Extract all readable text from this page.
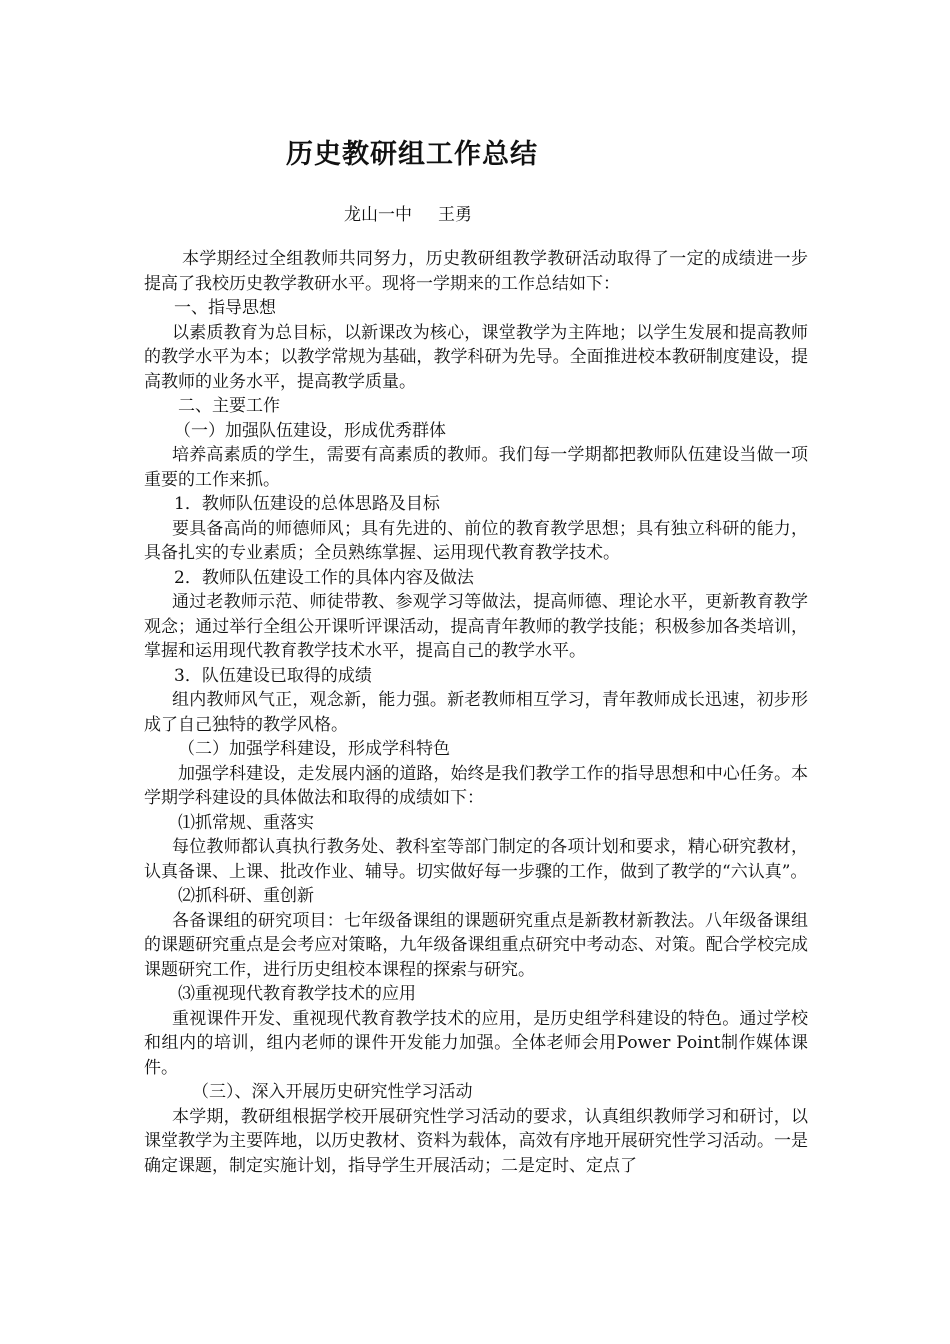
历史教研组工作总结
龙山一中 王勇

本学期经过全组教师共同努力，历史教研组教学教研活动取得了一定的成绩进一步提高了我校历史教学教研水平。现将一学期来的工作总结如下：

一、指导思想

以素质教育为总目标，以新课改为核心，课堂教学为主阵地；以学生发展和提高教师的教学水平为本；以教学常规为基础，教学科研为先导。全面推进校本教研制度建设，提高教师的业务水平，提高教学质量。

二、主要工作

（一）加强队伍建设，形成优秀群体

培养高素质的学生，需要有高素质的教师。我们每一学期都把教师队伍建设当做一项重要的工作来抓。

1．教师队伍建设的总体思路及目标

要具备高尚的师德师风；具有先进的、前位的教育教学思想；具有独立科研的能力，具备扎实的专业素质；全员熟练掌握、运用现代教育教学技术。

2．教师队伍建设工作的具体内容及做法

通过老教师示范、师徒带教、参观学习等做法，提高师德、理论水平，更新教育教学观念；通过举行全组公开课听评课活动，提高青年教师的教学技能；积极参加各类培训，掌握和运用现代教育教学技术水平，提高自己的教学水平。

3．队伍建设已取得的成绩

组内教师风气正，观念新，能力强。新老教师相互学习，青年教师成长迅速，初步形成了自己独特的教学风格。

（二）加强学科建设，形成学科特色

加强学科建设，走发展内涵的道路，始终是我们教学工作的指导思想和中心任务。本学期学科建设的具体做法和取得的成绩如下：

⑴抓常规、重落实

每位教师都认真执行教务处、教科室等部门制定的各项计划和要求，精心研究教材，认真备课、上课、批改作业、辅导。切实做好每一步骤的工作，做到了教学的“六认真”。

⑵抓科研、重创新

各备课组的研究项目：七年级备课组的课题研究重点是新教材新教法。八年级备课组的课题研究重点是会考应对策略，九年级备课组重点研究中考动态、对策。配合学校完成课题研究工作，进行历史组校本课程的探索与研究。

⑶重视现代教育教学技术的应用

重视课件开发、重视现代教育教学技术的应用，是历史组学科建设的特色。通过学校和组内的培训，组内老师的课件开发能力加强。全体老师会用Power Point制作媒体课件。

（三）、深入开展历史研究性学习活动

本学期，教研组根据学校开展研究性学习活动的要求，认真组织教师学习和研讨，以课堂教学为主要阵地，以历史教材、资料为载体，高效有序地开展研究性学习活动。一是确定课题，制定实施计划，指导学生开展活动；二是定时、定点了
